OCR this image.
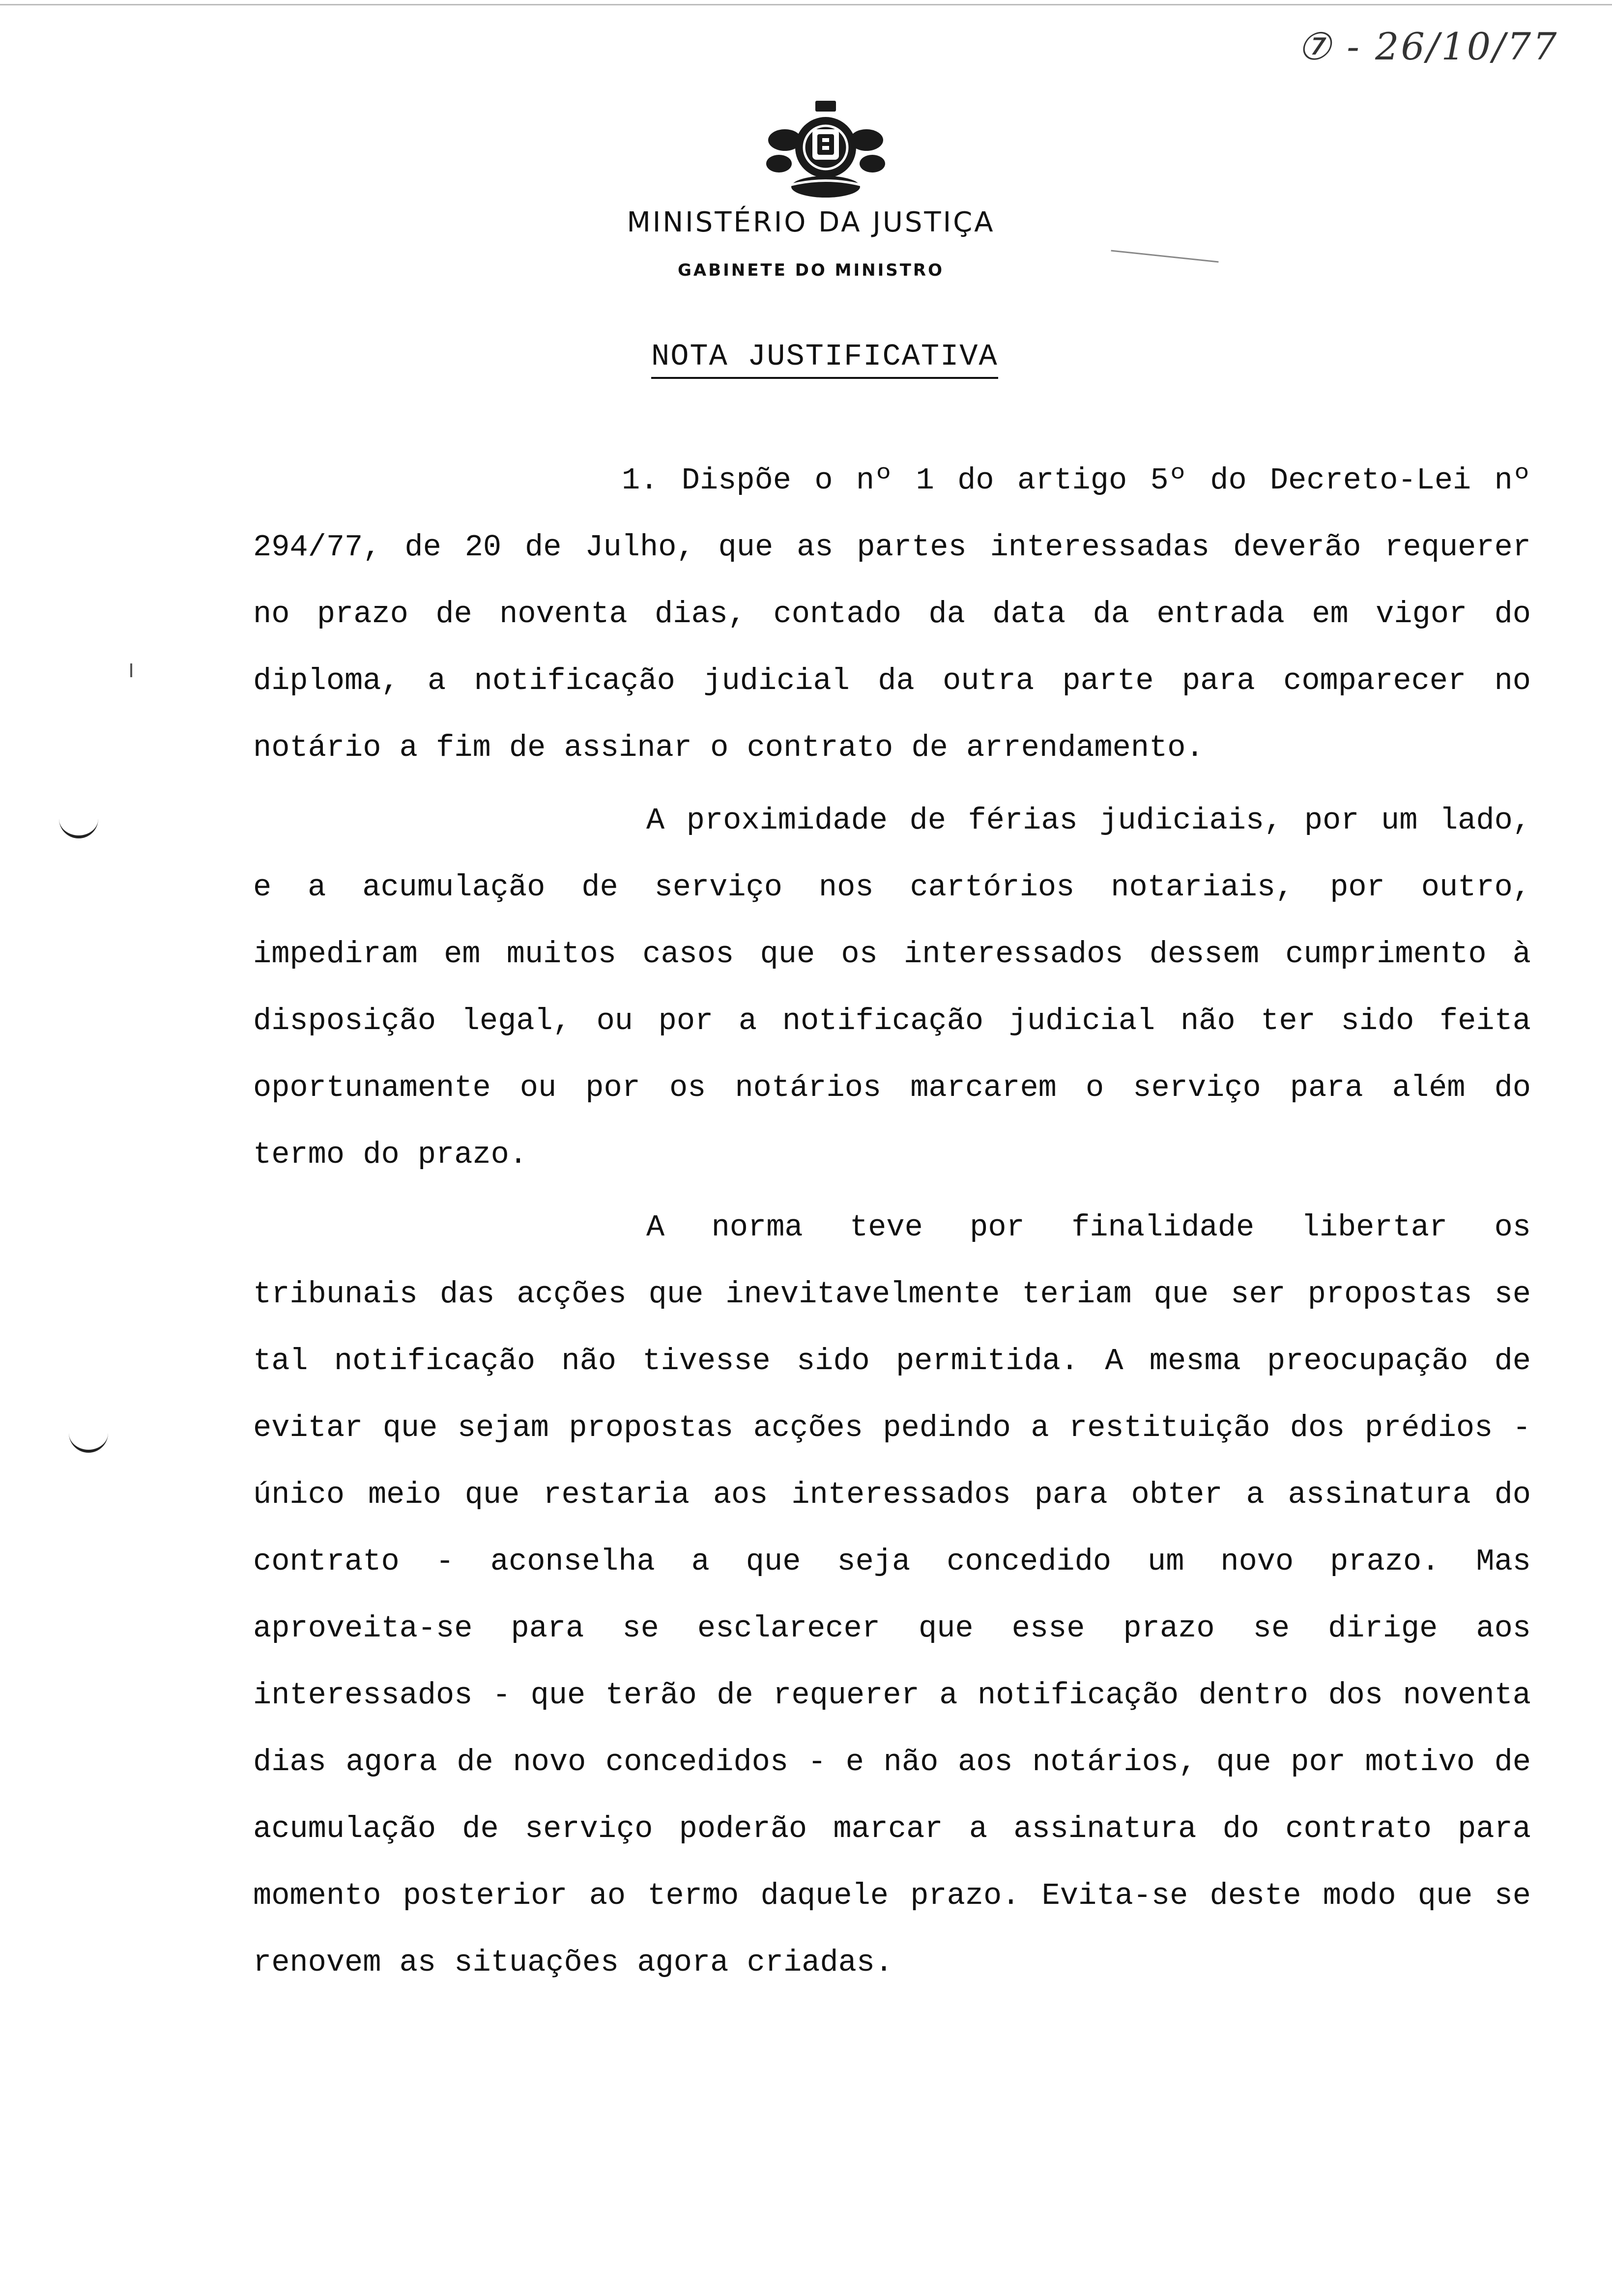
⑦ - 26/10/77
MINISTÉRIO DA JUSTIÇA
GABINETE DO MINISTRO
NOTA JUSTIFICATIVA

1. Dispõe o nº 1 do artigo 5º do Decreto-Lei nº 294/77, de 20 de Julho, que as partes interessadas deverão requerer no prazo de noventa dias, contado da data da entrada em vigor do diploma, a notificação judicial da outra parte para comparecer no notário a fim de assinar o contrato de arrendamento.

A proximidade de férias judiciais, por um lado, e a acumulação de serviço nos cartórios notariais, por outro, impediram em muitos casos que os interessados dessem cumprimento à disposição legal, ou por a notificação judicial não ter sido feita oportunamente ou por os notários marcarem o serviço para além do termo do prazo.

A norma teve por finalidade libertar os tribunais das acções que inevitavelmente teriam que ser propostas se tal notificação não tivesse sido permitida. A mesma preocupação de evitar que sejam propostas acções pedindo a restituição dos prédios - único meio que restaria aos interessados para obter a assinatura do contrato - aconselha a que seja concedido um novo prazo. Mas aproveita-se para se esclarecer que esse prazo se dirige aos interessados - que terão de requerer a notificação dentro dos noventa dias agora de novo concedidos - e não aos notários, que por motivo de acumulação de serviço poderão marcar a assinatura do contrato para momento posterior ao termo daquele prazo. Evita-se deste modo que se renovem as situações agora criadas.
